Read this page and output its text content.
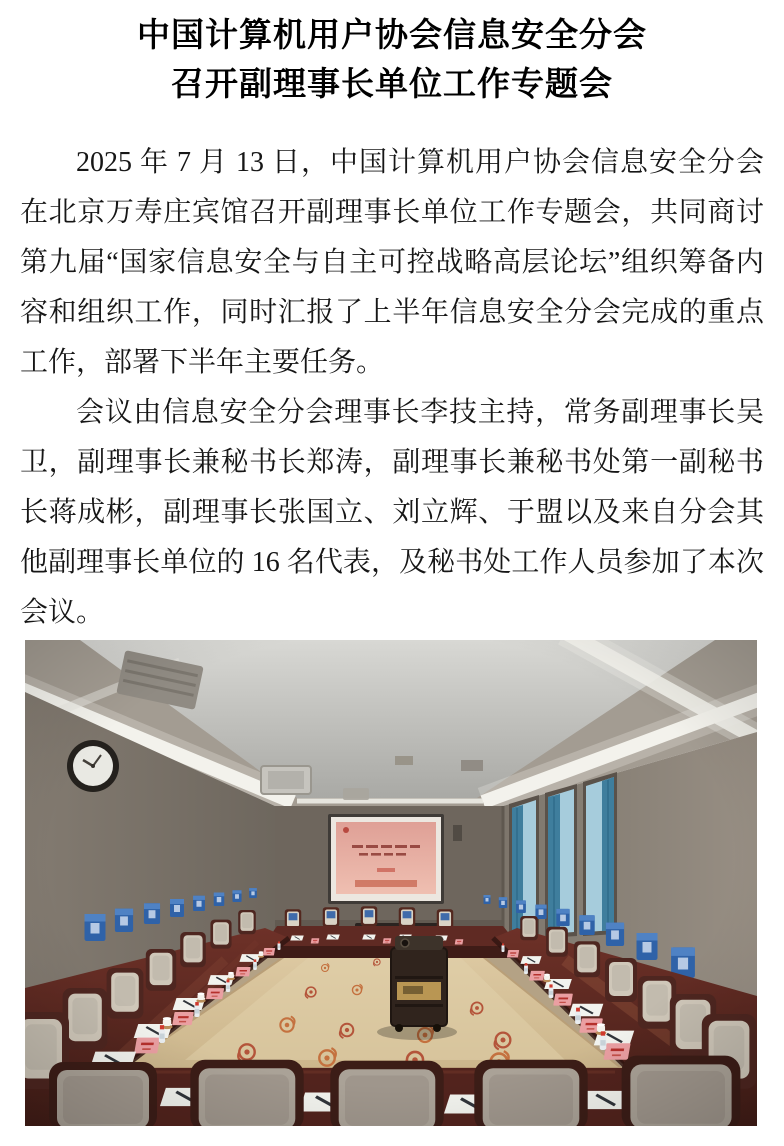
中国计算机用户协会信息安全分会
召开副理事长单位工作专题会

2025 年 7 月 13 日，中国计算机用户协会信息安全分会在北京万寿庄宾馆召开副理事长单位工作专题会，共同商讨第九届“国家信息安全与自主可控战略高层论坛”组织筹备内容和组织工作，同时汇报了上半年信息安全分会完成的重点工作，部署下半年主要任务。

会议由信息安全分会理事长李技主持，常务副理事长吴卫，副理事长兼秘书长郑涛，副理事长兼秘书处第一副秘书长蒋成彬，副理事长张国立、刘立辉、于盟以及来自分会其他副理事长单位的 16 名代表，及秘书处工作人员参加了本次会议。
